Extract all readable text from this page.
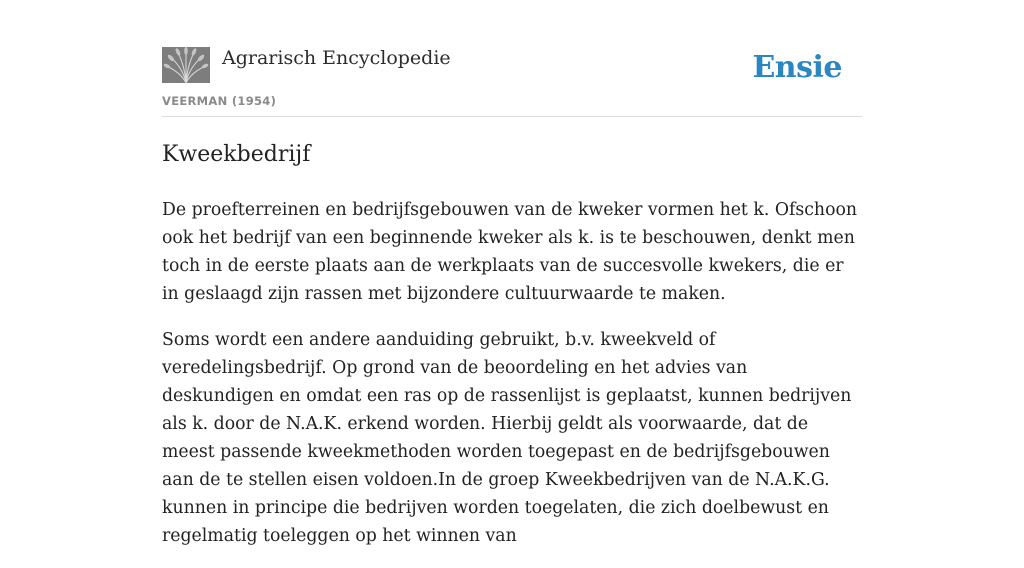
Agrarisch Encyclopedie
VEERMAN (1954)
Ensie
Kweekbedrijf

De proefterreinen en bedrijfsgebouwen van de kweker vormen het k. Ofschoon ook het bedrijf van een beginnende kweker als k. is te beschouwen, denkt men toch in de eerste plaats aan de werkplaats van de succesvolle kwekers, die er in geslaagd zijn rassen met bijzondere cultuurwaarde te maken.

Soms wordt een andere aanduiding gebruikt, b.v. kweekveld of veredelingsbedrijf. Op grond van de beoordeling en het advies van deskundigen en omdat een ras op de rassenlijst is geplaatst, kunnen bedrijven als k. door de N.A.K. erkend worden. Hierbij geldt als voorwaarde, dat de meest passende kweekmethoden worden toegepast en de bedrijfsgebouwen aan de te stellen eisen voldoen.In de groep Kweekbedrijven van de N.A.K.G. kunnen in principe die bedrijven worden toegelaten, die zich doelbewust en regelmatig toeleggen op het winnen van
